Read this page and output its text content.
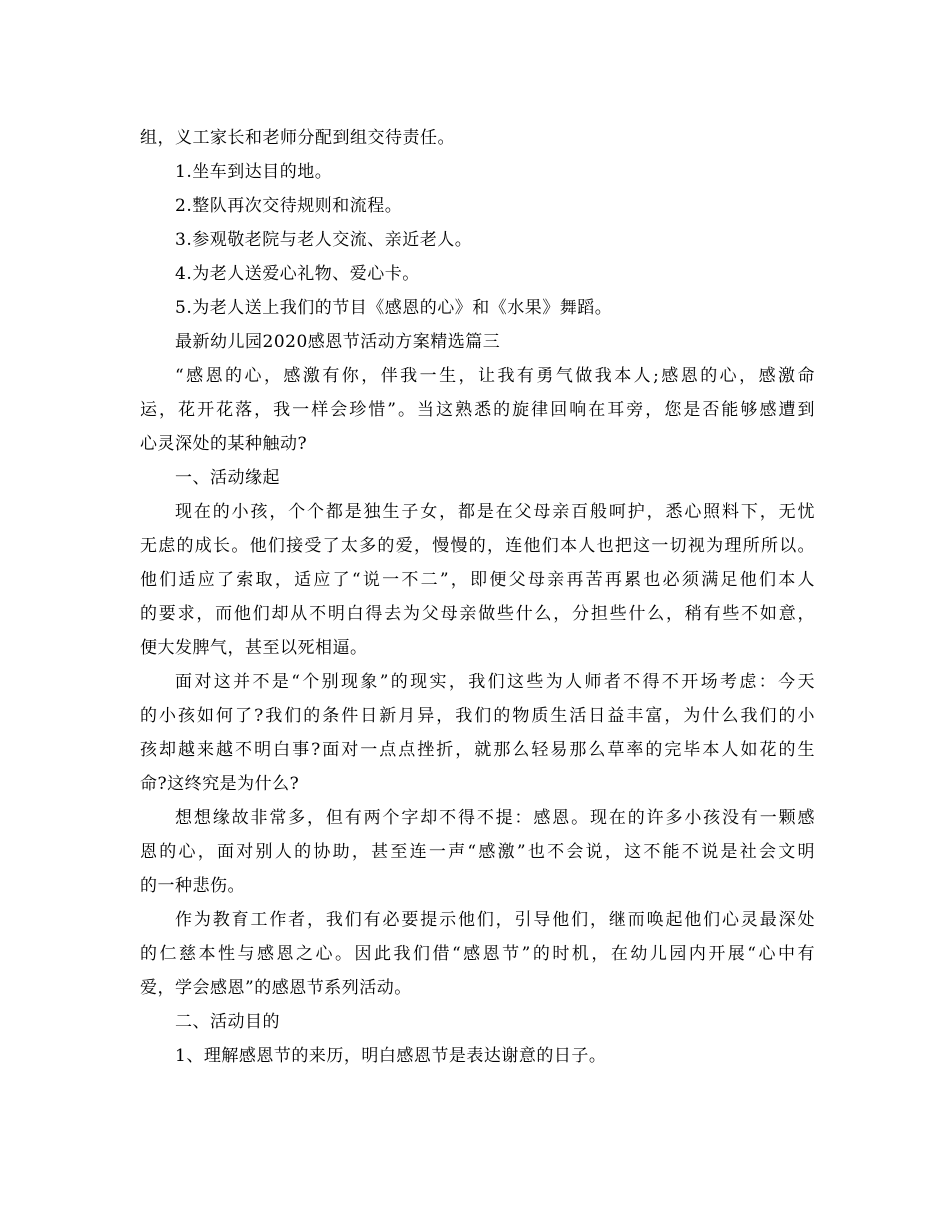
组，义工家长和老师分配到组交待责任。
1.坐车到达目的地。
2.整队再次交待规则和流程。
3.参观敬老院与老人交流、亲近老人。
4.为老人送爱心礼物、爱心卡。
5.为老人送上我们的节目《感恩的心》和《水果》舞蹈。
最新幼儿园2020感恩节活动方案精选篇三
“感恩的心，感激有你，伴我一生，让我有勇气做我本人;感恩的心，感激命
运，花开花落，我一样会珍惜”。当这熟悉的旋律回响在耳旁，您是否能够感遭到
心灵深处的某种触动?
一、活动缘起
现在的小孩，个个都是独生子女，都是在父母亲百般呵护，悉心照料下，无忧
无虑的成长。他们接受了太多的爱，慢慢的，连他们本人也把这一切视为理所所以。
他们适应了索取，适应了“说一不二”，即便父母亲再苦再累也必须满足他们本人
的要求，而他们却从不明白得去为父母亲做些什么，分担些什么，稍有些不如意，
便大发脾气，甚至以死相逼。
面对这并不是“个别现象”的现实，我们这些为人师者不得不开场考虑：今天
的小孩如何了?我们的条件日新月异，我们的物质生活日益丰富，为什么我们的小
孩却越来越不明白事?面对一点点挫折，就那么轻易那么草率的完毕本人如花的生
命?这终究是为什么?
想想缘故非常多，但有两个字却不得不提：感恩。现在的许多小孩没有一颗感
恩的心，面对别人的协助，甚至连一声“感激”也不会说，这不能不说是社会文明
的一种悲伤。
作为教育工作者，我们有必要提示他们，引导他们，继而唤起他们心灵最深处
的仁慈本性与感恩之心。因此我们借“感恩节”的时机，在幼儿园内开展“心中有
爱，学会感恩”的感恩节系列活动。
二、活动目的
1、理解感恩节的来历，明白感恩节是表达谢意的日子。
